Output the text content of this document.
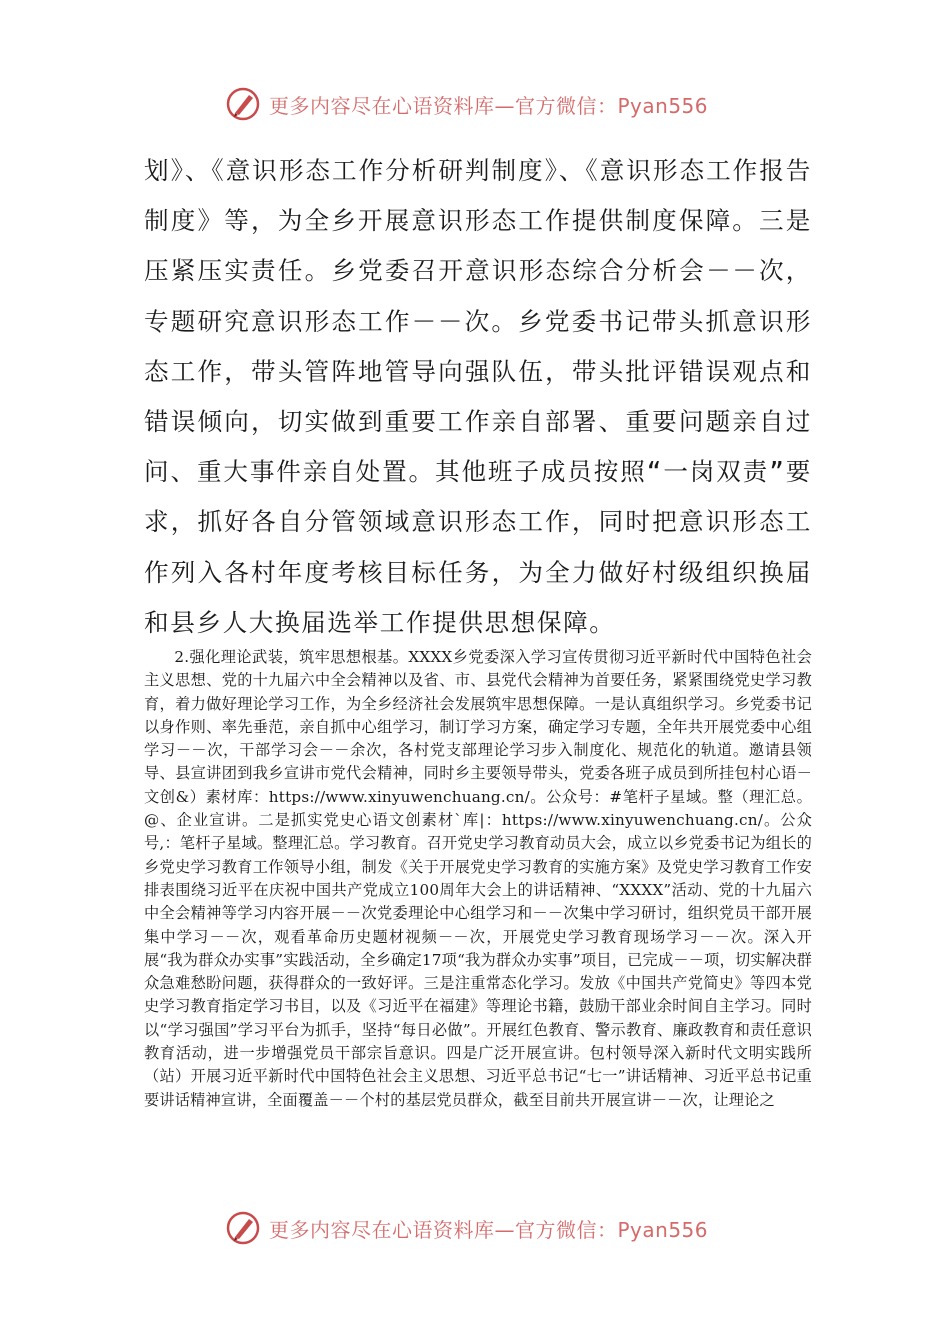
更多内容尽在心语资料库—官方微信：Pyan556

划》、《意识形态工作分析研判制度》、《意识形态工作报告制度》等，为全乡开展意识形态工作提供制度保障。三是压紧压实责任。乡党委召开意识形态综合分析会－－次，专题研究意识形态工作－－次。乡党委书记带头抓意识形态工作，带头管阵地管导向强队伍，带头批评错误观点和错误倾向，切实做到重要工作亲自部署、重要问题亲自过问、重大事件亲自处置。其他班子成员按照“一岗双责”要求，抓好各自分管领域意识形态工作，同时把意识形态工作列入各村年度考核目标任务，为全力做好村级组织换届和县乡人大换届选举工作提供思想保障。

2.强化理论武装，筑牢思想根基。XXXX乡党委深入学习宣传贯彻习近平新时代中国特色社会主义思想、党的十九届六中全会精神以及省、市、县党代会精神为首要任务，紧紧围绕党史学习教育，着力做好理论学习工作，为全乡经济社会发展筑牢思想保障。一是认真组织学习。乡党委书记以身作则、率先垂范，亲自抓中心组学习，制订学习方案，确定学习专题，全年共开展党委中心组学习－－次，干部学习会－－余次，各村党支部理论学习步入制度化、规范化的轨道。邀请县领导、县宣讲团到我乡宣讲市党代会精神，同时乡主要领导带头，党委各班子成员到所挂包村心语－文创&）素材库：https://www.xinyuwenchuang.cn/。公众号：#笔杆子星域。整（理汇总。@、企业宣讲。二是抓实党史心语文创素材`库|：https://www.xinyuwenchuang.cn/。公众号,：笔杆子星域。整理汇总。学习教育。召开党史学习教育动员大会，成立以乡党委书记为组长的乡党史学习教育工作领导小组，制发《关于开展党史学习教育的实施方案》及党史学习教育工作安排表围绕习近平在庆祝中国共产党成立100周年大会上的讲话精神、“XXXX”活动、党的十九届六中全会精神等学习内容开展－－次党委理论中心组学习和－－次集中学习研讨，组织党员干部开展集中学习－－次，观看革命历史题材视频－－次，开展党史学习教育现场学习－－次。深入开展“我为群众办实事”实践活动，全乡确定17项“我为群众办实事”项目，已完成－－项，切实解决群众急难愁盼问题，获得群众的一致好评。三是注重常态化学习。发放《中国共产党简史》等四本党史学习教育指定学习书目，以及《习近平在福建》等理论书籍，鼓励干部业余时间自主学习。同时以“学习强国”学习平台为抓手，坚持“每日必做”。开展红色教育、警示教育、廉政教育和责任意识教育活动，进一步增强党员干部宗旨意识。四是广泛开展宣讲。包村领导深入新时代文明实践所（站）开展习近平新时代中国特色社会主义思想、习近平总书记“七一”讲话精神、习近平总书记重要讲话精神宣讲，全面覆盖－－个村的基层党员群众，截至目前共开展宣讲－－次，让理论之

更多内容尽在心语资料库—官方微信：Pyan556
